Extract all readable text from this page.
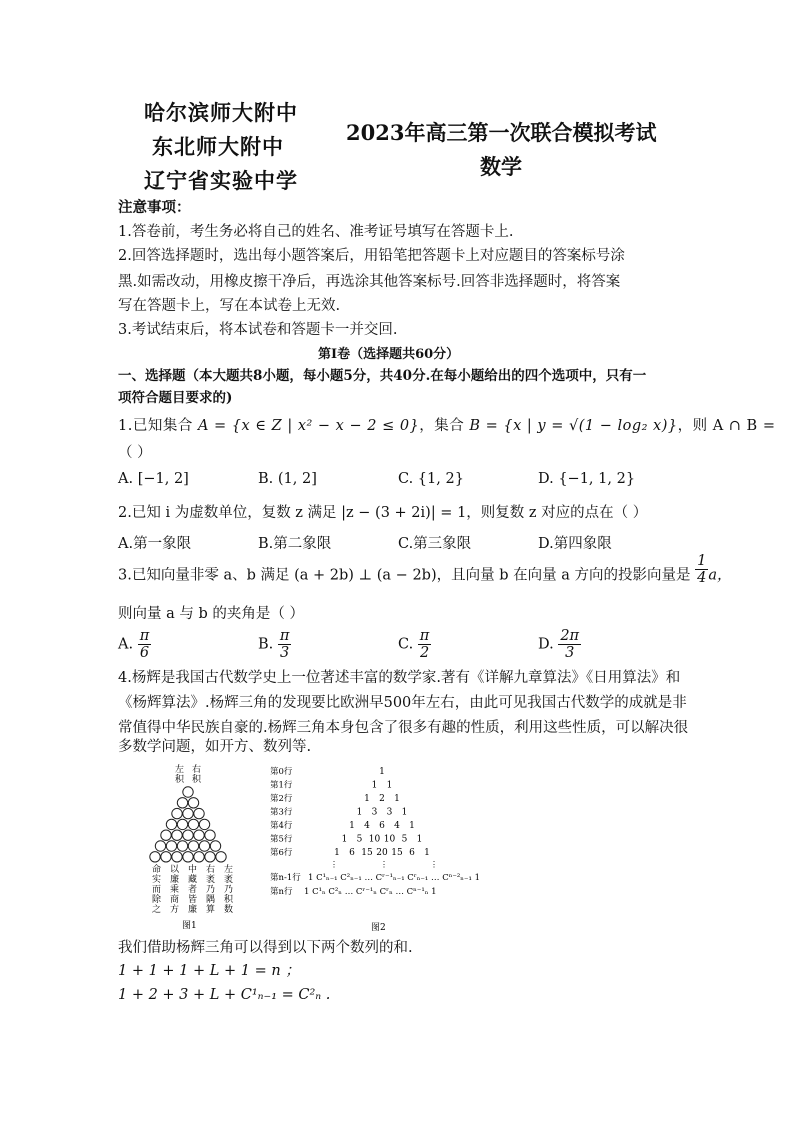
哈尔滨师大附中
东北师大附中
辽宁省实验中学
2023年高三第一次联合模拟考试
数学
注意事项：
1.答卷前，考生务必将自己的姓名、准考证号填写在答题卡上.
2.回答选择题时，选出每小题答案后，用铅笔把答题卡上对应题目的答案标号涂
黑.如需改动，用橡皮擦干净后，再选涂其他答案标号.回答非选择题时，将答案
写在答题卡上，写在本试卷上无效.
3.考试结束后，将本试卷和答题卡一并交回.
第Ⅰ卷（选择题共60分）
一、选择题（本大题共8小题，每小题5分，共40分.在每小题给出的四个选项中，只有一
项符合题目要求的)
1.已知集合 A = {x ∈ Z | x² − x − 2 ≤ 0}，集合 B = {x | y = √(1 − log₂ x)}，则 A ∩ B =
（ ）
A. [−1, 2]	B. (1, 2]	C. {1, 2}	D. {−1, 1, 2}
2.已知 i 为虚数单位，复数 z 满足 |z − (3 + 2i)| = 1，则复数 z 对应的点在（ ）
A.第一象限	B.第二象限	C.第三象限	D.第四象限
3.已知向量非零 a、b 满足 (a + 2b) ⊥ (a − 2b)，且向量 b 在向量 a 方向的投影向量是 $\frac{1}{4}$ a，
则向量 a 与 b 的夹角是（ ）
A. $\frac{\pi}{6}$	B. $\frac{\pi}{3}$	C. $\frac{\pi}{2}$	D. $\frac{2\pi}{3}$
4.杨辉是我国古代数学史上一位著述丰富的数学家.著有《详解九章算法》《日用算法》和
《杨辉算法》.杨辉三角的发现要比欧洲早500年左右，由此可见我国古代数学的成就是非
常值得中华民族自豪的.杨辉三角本身包含了很多有趣的性质，利用这些性质，可以解决很
多数学问题，如开方、数列等.
左 右
积 积
命
实
而
除
之
以
廉
乘
商
方
中
藏
者
皆
廉
右
袤
乃
隅
算
左
袤
乃
积
数
图1
第0行	1
第1行	1 1
第2行	1 2 1
第3行	1 3 3 1
第4行	1 4 6 4 1
第5行	1 5 10 10 5 1
第6行	1 6 15 20 15 6 1
⋮	⋮	⋮
第n-1行 1 C¹ₙ₋₁ C²ₙ₋₁ … Cʳ⁻¹ₙ₋₁ Cʳₙ₋₁ … Cⁿ⁻²ₙ₋₁ 1
第n行 1 C¹ₙ C²ₙ … Cʳ⁻¹ₙ Cʳₙ … Cⁿ⁻¹ₙ 1
图2
我们借助杨辉三角可以得到以下两个数列的和.
1 + 1 + 1 + L + 1 = n ；
1 + 2 + 3 + L + C¹ₙ₋₁ = C²ₙ .
